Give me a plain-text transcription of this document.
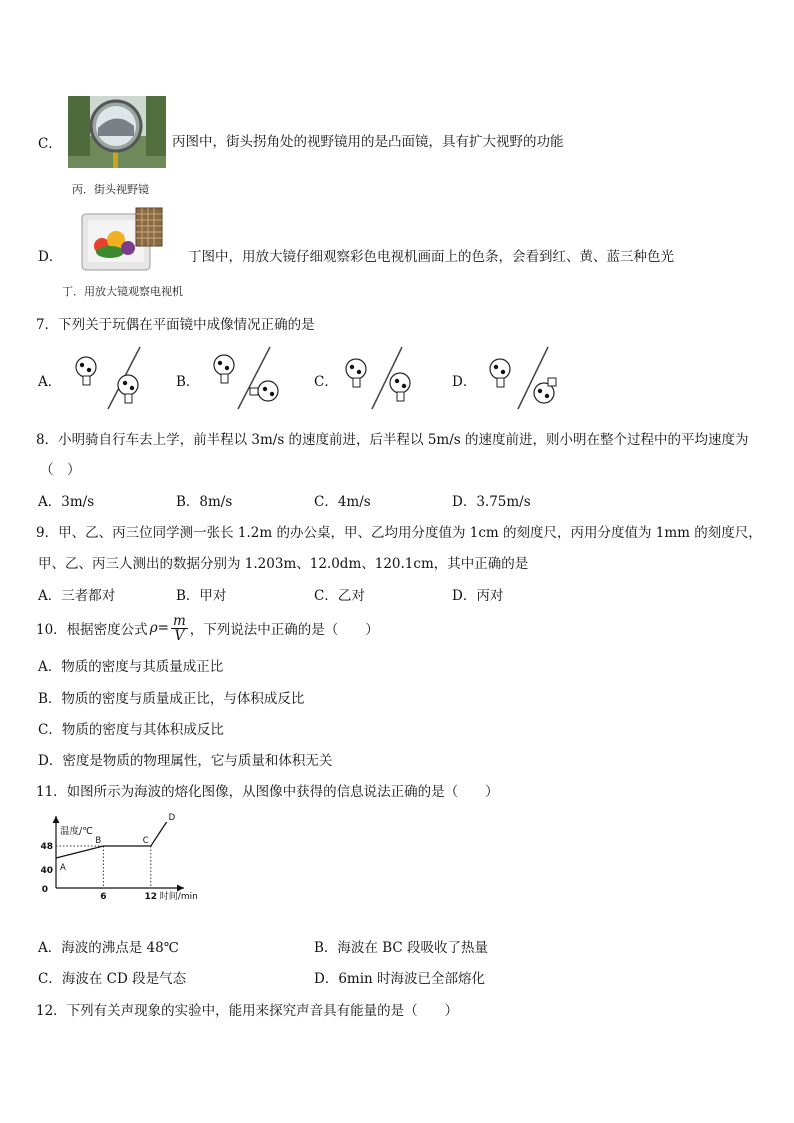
C．	丙图中，街头拐角处的视野镜用的是凸面镜，具有扩大视野的功能
丙．街头视野镜
D．	丁图中，用放大镜仔细观察彩色电视机画面上的色条，会看到红、黄、蓝三种色光
丁．用放大镜观察电视机
7．下列关于玩偶在平面镜中成像情况正确的是
A．	B．	C．	D．
8．小明骑自行车去上学，前半程以 3m/s 的速度前进，后半程以 5m/s 的速度前进，则小明在整个过程中的平均速度为
（　）
A．3m/s	B．8m/s	C．4m/s	D．3.75m/s
9．甲、乙、丙三位同学测一张长 1.2m 的办公桌，甲、乙均用分度值为 1cm 的刻度尺，丙用分度值为 1mm 的刻度尺，
甲、乙、丙三人测出的数据分别为 1.203m、12.0dm、120.1cm，其中正确的是
A．三者都对	B．甲对	C．乙对	D．丙对
10．根据密度公式 $\rho= \frac{m}{V}$ ，下列说法中正确的是（　　）
A．物质的密度与其质量成正比
B．物质的密度与质量成正比，与体积成反比
C．物质的密度与其体积成反比
D．密度是物质的物理属性，它与质量和体积无关
11．如图所示为海波的熔化图像，从图像中获得的信息说法正确的是（　　）
温度/℃
0
40
48
6	12 时间/min
A
B	C
D
A．海波的沸点是 48℃	B．海波在 BC 段吸收了热量
C．海波在 CD 段是气态	D．6min 时海波已全部熔化
12．下列有关声现象的实验中，能用来探究声音具有能量的是（　　）
